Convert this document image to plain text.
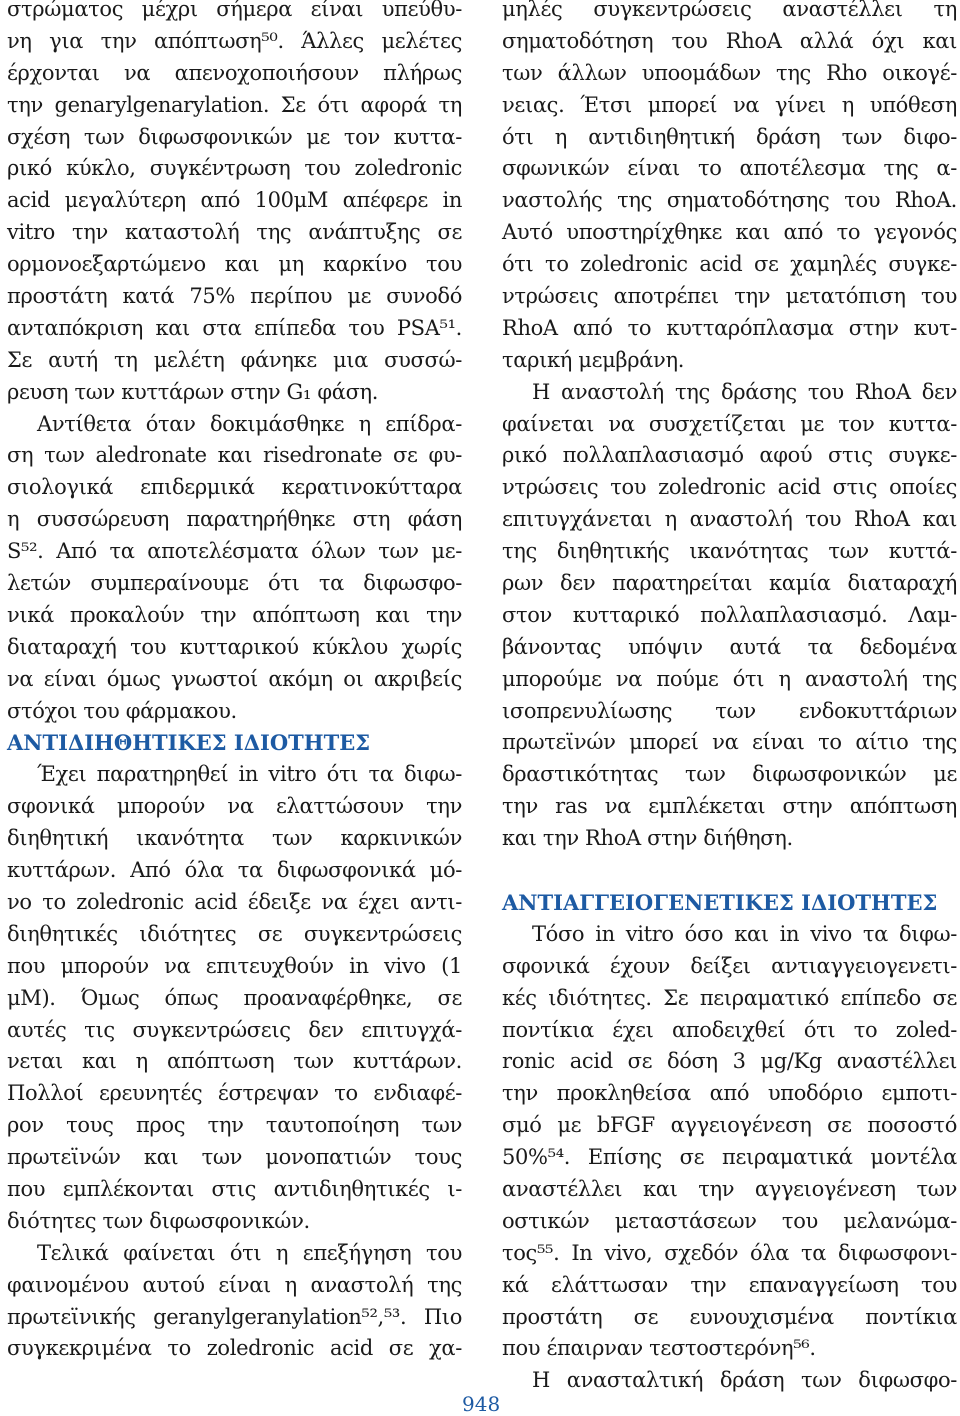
στρώματος μέχρι σήμερα είναι υπεύθυ-
νη για την απόπτωση⁵⁰. Άλλες μελέτες
έρχονται να απενοχοποιήσουν πλήρως
την genarylgenarylation. Σε ότι αφορά τη
σχέση των διφωσφονικών με τον κυττα-
ρικό κύκλο, συγκέντρωση του zoledronic
acid μεγαλύτερη από 100μΜ απέφερε in
vitro την καταστολή της ανάπτυξης σε
ορμονοεξαρτώμενο και μη καρκίνο του
προστάτη κατά 75% περίπου με συνοδό
ανταπόκριση και στα επίπεδα του PSA⁵¹.
Σε αυτή τη μελέτη φάνηκε μια συσσώ-
ρευση των κυττάρων στην G₁ φάση.
Αντίθετα όταν δοκιμάσθηκε η επίδρα-
ση των aledronate και risedronate σε φυ-
σιολογικά επιδερμικά κερατινοκύτταρα
η συσσώρευση παρατηρήθηκε στη φάση
S⁵². Από τα αποτελέσματα όλων των με-
λετών συμπεραίνουμε ότι τα διφωσφο-
νικά προκαλούν την απόπτωση και την
διαταραχή του κυτταρικού κύκλου χωρίς
να είναι όμως γνωστοί ακόμη οι ακριβείς
στόχοι του φάρμακου.
ΑΝΤΙΔΙΗΘΗΤΙΚΕΣ ΙΔΙΟΤΗΤΕΣ
Έχει παρατηρηθεί in vitro ότι τα διφω-
σφονικά μπορούν να ελαττώσουν την
διηθητική ικανότητα των καρκινικών
κυττάρων. Από όλα τα διφωσφονικά μό-
νο το zoledronic acid έδειξε να έχει αντι-
διηθητικές ιδιότητες σε συγκεντρώσεις
που μπορούν να επιτευχθούν in vivo (1
μΜ). Όμως όπως προαναφέρθηκε, σε
αυτές τις συγκεντρώσεις δεν επιτυγχά-
νεται και η απόπτωση των κυττάρων.
Πολλοί ερευνητές έστρεψαν το ενδιαφέ-
ρον τους προς την ταυτοποίηση των
πρωτεϊνών και των μονοπατιών τους
που εμπλέκονται στις αντιδιηθητικές ι-
διότητες των διφωσφονικών.
Τελικά φαίνεται ότι η επεξήγηση του
φαινομένου αυτού είναι η αναστολή της
πρωτεϊνικής geranylgeranylation⁵²,⁵³. Πιο
συγκεκριμένα το zoledronic acid σε χα-
μηλές συγκεντρώσεις αναστέλλει τη
σηματοδότηση του RhoA αλλά όχι και
των άλλων υποομάδων της Rho οικογέ-
νειας. Έτσι μπορεί να γίνει η υπόθεση
ότι η αντιδιηθητική δράση των διφο-
σφωνικών είναι το αποτέλεσμα της α-
ναστολής της σηματοδότησης του RhoA.
Αυτό υποστηρίχθηκε και από το γεγονός
ότι το zoledronic acid σε χαμηλές συγκε-
ντρώσεις αποτρέπει την μετατόπιση του
RhoA από το κυτταρόπλασμα στην κυτ-
ταρική μεμβράνη.
Η αναστολή της δράσης του RhoA δεν
φαίνεται να συσχετίζεται με τον κυττα-
ρικό πολλαπλασιασμό αφού στις συγκε-
ντρώσεις του zoledronic acid στις οποίες
επιτυγχάνεται η αναστολή του RhoA και
της διηθητικής ικανότητας των κυττά-
ρων δεν παρατηρείται καμία διαταραχή
στον κυτταρικό πολλαπλασιασμό. Λαμ-
βάνοντας υπόψιν αυτά τα δεδομένα
μπορούμε να πούμε ότι η αναστολή της
ισοπρενυλίωσης των ενδοκυττάριων
πρωτεϊνών μπορεί να είναι το αίτιο της
δραστικότητας των διφωσφονικών με
την ras να εμπλέκεται στην απόπτωση
και την RhoA στην διήθηση.
ΑΝΤΙΑΓΓΕΙΟΓΕΝΕΤΙΚΕΣ ΙΔΙΟΤΗΤΕΣ
Τόσο in vitro όσο και in vivo τα διφω-
σφονικά έχουν δείξει αντιαγγειογενετι-
κές ιδιότητες. Σε πειραματικό επίπεδο σε
ποντίκια έχει αποδειχθεί ότι το zoled-
ronic acid σε δόση 3 μg/Kg αναστέλλει
την προκληθείσα από υποδόριο εμποτι-
σμό με bFGF αγγειογένεση σε ποσοστό
50%⁵⁴. Επίσης σε πειραματικά μοντέλα
αναστέλλει και την αγγειογένεση των
οστικών μεταστάσεων του μελανώμα-
τος⁵⁵. In vivo, σχεδόν όλα τα διφωσφονι-
κά ελάττωσαν την επαναγγείωση του
προστάτη σε ευνουχισμένα ποντίκια
που έπαιρναν τεστοστερόνη⁵⁶.
Η ανασταλτική δράση των διφωσφο-
948
